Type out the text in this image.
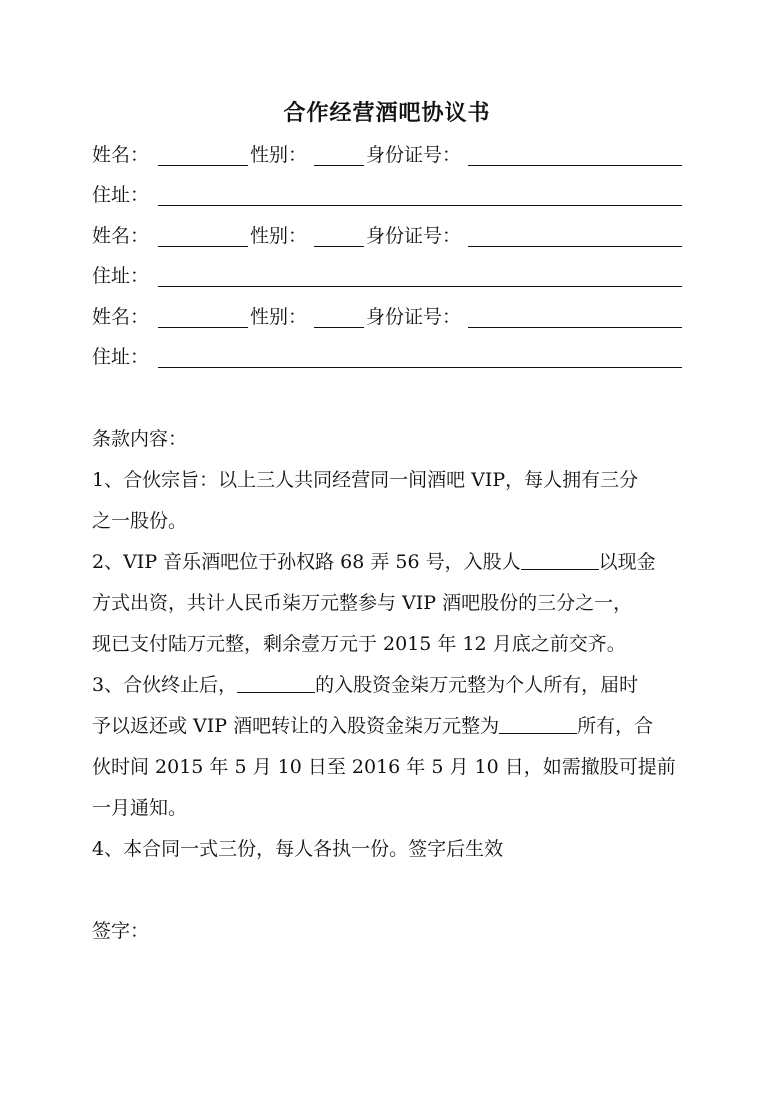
合作经营酒吧协议书
姓名：	性别：	身份证号：
住址：
姓名：	性别：	身份证号：
住址：
姓名：	性别：	身份证号：
住址：
条款内容：
1、合伙宗旨：以上三人共同经营同一间酒吧 VIP，每人拥有三分
之一股份。
2、VIP 音乐酒吧位于孙权路 68 弄 56 号，入股人	以现金
方式出资，共计人民币柒万元整参与 VIP 酒吧股份的三分之一，
现已支付陆万元整，剩余壹万元于 2015 年 12 月底之前交齐。
3、合伙终止后，	的入股资金柒万元整为个人所有，届时
予以返还或 VIP 酒吧转让的入股资金柒万元整为	所有，合
伙时间 2015 年 5 月 10 日至 2016 年 5 月 10 日，如需撤股可提前
一月通知。
4、本合同一式三份，每人各执一份。签字后生效
签字：
